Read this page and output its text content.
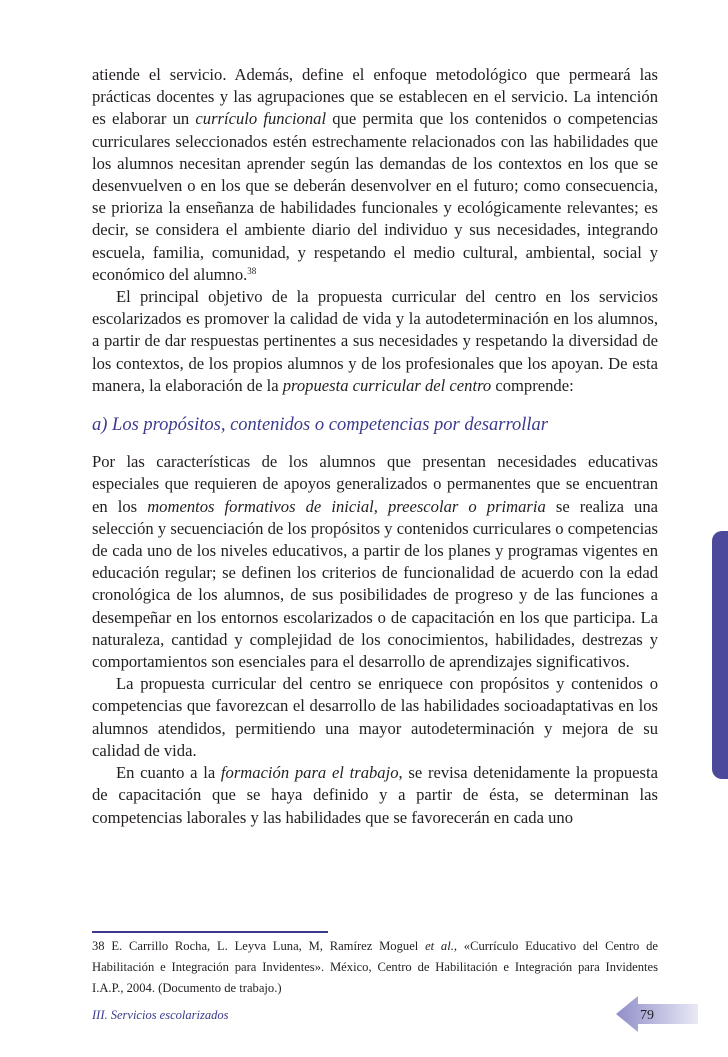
atiende el servicio. Además, define el enfoque metodológico que permeará las prácticas docentes y las agrupaciones que se establecen en el servicio. La intención es elaborar un currículo funcional que permita que los contenidos o competencias curriculares seleccionados estén estrechamente relacionados con las habilidades que los alumnos necesitan aprender según las demandas de los contextos en los que se desenvuelven o en los que se deberán desenvolver en el futuro; como consecuencia, se prioriza la enseñanza de habilidades funcionales y ecológicamente relevantes; es decir, se considera el ambiente diario del individuo y sus necesidades, integrando escuela, familia, comunidad, y respetando el medio cultural, ambiental, social y económico del alumno.$^{38}$

El principal objetivo de la propuesta curricular del centro en los servicios escolarizados es promover la calidad de vida y la autodeterminación en los alumnos, a partir de dar respuestas pertinentes a sus necesidades y respetando la diversidad de los contextos, de los propios alumnos y de los profesionales que los apoyan. De esta manera, la elaboración de la propuesta curricular del centro comprende:

a) Los propósitos, contenidos o competencias por desarrollar

Por las características de los alumnos que presentan necesidades educativas especiales que requieren de apoyos generalizados o permanentes que se encuentran en los momentos formativos de inicial, preescolar o primaria se realiza una selección y secuenciación de los propósitos y contenidos curriculares o competencias de cada uno de los niveles educativos, a partir de los planes y programas vigentes en educación regular; se definen los criterios de funcionalidad de acuerdo con la edad cronológica de los alumnos, de sus posibilidades de progreso y de las funciones a desempeñar en los entornos escolarizados o de capacitación en los que participa. La naturaleza, cantidad y complejidad de los conocimientos, habilidades, destrezas y comportamientos son esenciales para el desarrollo de aprendizajes significativos.

La propuesta curricular del centro se enriquece con propósitos y contenidos o competencias que favorezcan el desarrollo de las habilidades socioadaptativas en los alumnos atendidos, permitiendo una mayor autodeterminación y mejora de su calidad de vida.

En cuanto a la formación para el trabajo, se revisa detenidamente la propuesta de capacitación que se haya definido y a partir de ésta, se determinan las competencias laborales y las habilidades que se favorecerán en cada uno

38 E. Carrillo Rocha, L. Leyva Luna, M, Ramírez Moguel et al., «Currículo Educativo del Centro de Habilitación e Integración para Invidentes». México, Centro de Habilitación e Integración para Invidentes I.A.P., 2004. (Documento de trabajo.)

III. Servicios escolarizados	79
